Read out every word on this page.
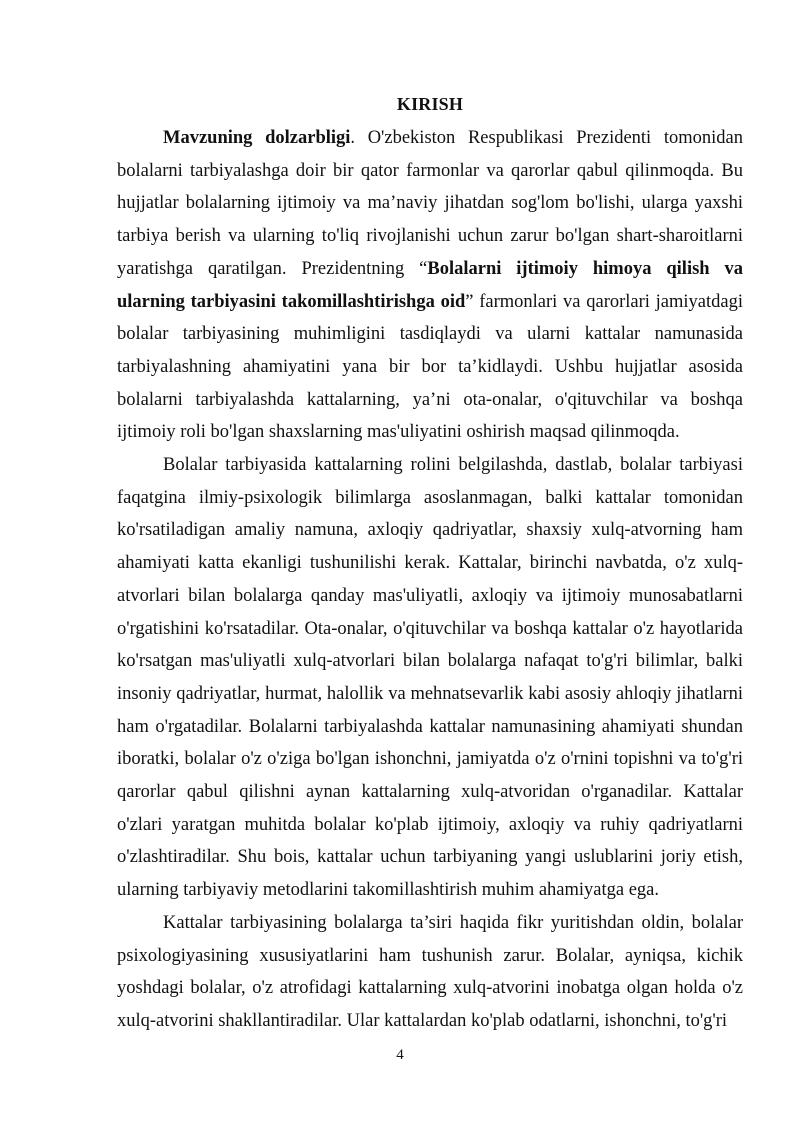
KIRISH

Mavzuning dolzarbligi. O'zbekiston Respublikasi Prezidenti tomonidan bolalarni tarbiyalashga doir bir qator farmonlar va qarorlar qabul qilinmoqda. Bu hujjatlar bolalarning ijtimoiy va ma’naviy jihatdan sog'lom bo'lishi, ularga yaxshi tarbiya berish va ularning to'liq rivojlanishi uchun zarur bo'lgan shart-sharoitlarni yaratishga qaratilgan. Prezidentning “Bolalarni ijtimoiy himoya qilish va ularning tarbiyasini takomillashtirishga oid” farmonlari va qarorlari jamiyatdagi bolalar tarbiyasining muhimligini tasdiqlaydi va ularni kattalar namunasida tarbiyalashning ahamiyatini yana bir bor ta’kidlaydi. Ushbu hujjatlar asosida bolalarni tarbiyalashda kattalarning, ya’ni ota-onalar, o'qituvchilar va boshqa ijtimoiy roli bo'lgan shaxslarning mas'uliyatini oshirish maqsad qilinmoqda.

Bolalar tarbiyasida kattalarning rolini belgilashda, dastlab, bolalar tarbiyasi faqatgina ilmiy-psixologik bilimlarga asoslanmagan, balki kattalar tomonidan ko'rsatiladigan amaliy namuna, axloqiy qadriyatlar, shaxsiy xulq-atvorning ham ahamiyati katta ekanligi tushunilishi kerak. Kattalar, birinchi navbatda, o'z xulq-atvorlari bilan bolalarga qanday mas'uliyatli, axloqiy va ijtimoiy munosabatlarni o'rgatishini ko'rsatadilar. Ota-onalar, o'qituvchilar va boshqa kattalar o'z hayotlarida ko'rsatgan mas'uliyatli xulq-atvorlari bilan bolalarga nafaqat to'g'ri bilimlar, balki insoniy qadriyatlar, hurmat, halollik va mehnatsevarlik kabi asosiy ahloqiy jihatlarni ham o'rgatadilar. Bolalarni tarbiyalashda kattalar namunasining ahamiyati shundan iboratki, bolalar o'z o'ziga bo'lgan ishonchni, jamiyatda o'z o'rnini topishni va to'g'ri qarorlar qabul qilishni aynan kattalarning xulq-atvoridan o'rganadilar. Kattalar o'zlari yaratgan muhitda bolalar ko'plab ijtimoiy, axloqiy va ruhiy qadriyatlarni o'zlashtiradilar. Shu bois, kattalar uchun tarbiyaning yangi uslublarini joriy etish, ularning tarbiyaviy metodlarini takomillashtirish muhim ahamiyatga ega.

Kattalar tarbiyasining bolalarga ta’siri haqida fikr yuritishdan oldin, bolalar psixologiyasining xususiyatlarini ham tushunish zarur. Bolalar, ayniqsa, kichik yoshdagi bolalar, o'z atrofidagi kattalarning xulq-atvorini inobatga olgan holda o'z xulq-atvorini shakllantiradilar. Ular kattalardan ko'plab odatlarni, ishonchni, to'g'ri

4
